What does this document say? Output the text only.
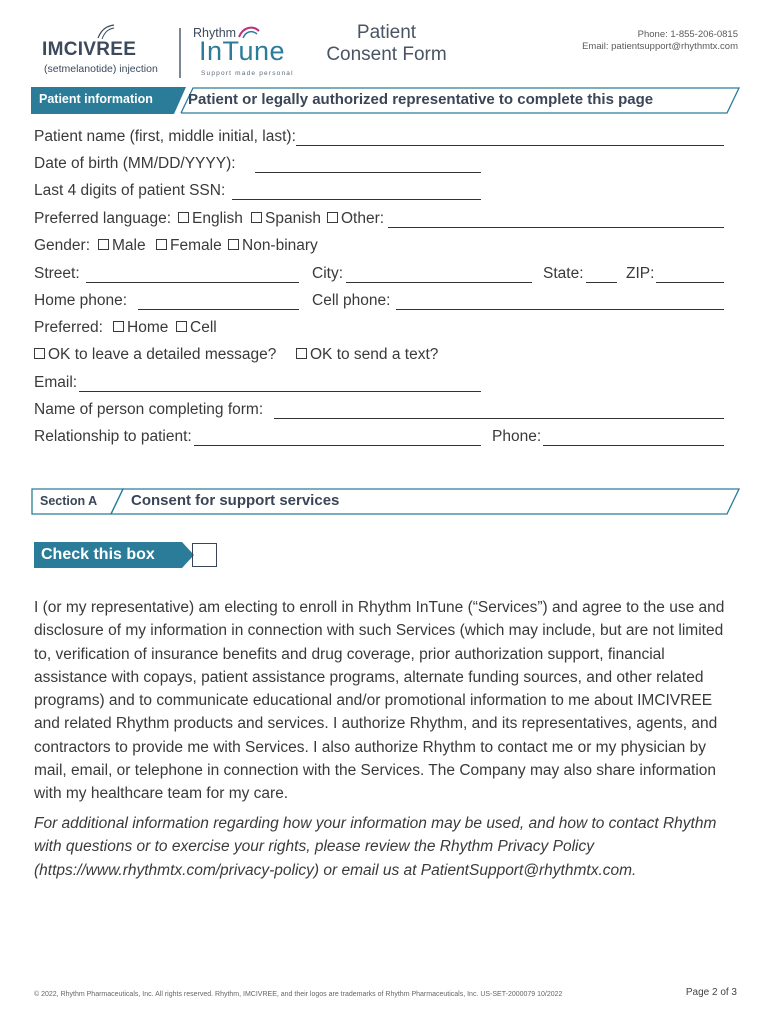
IMCIVREE
(setmelanotide) injection
Rhythm
InTune
Support made personal
Patient
Consent Form
Phone: 1-855-206-0815
Email: patientsupport@rhythmtx.com
Patient information Patient or legally authorized representative to complete this page
Patient name (first, middle initial, last):
Date of birth (MM/DD/YYYY):
Last 4 digits of patient SSN:
Preferred language:	English	Spanish	Other:
Gender:	Male	Female	Non-binary
Street:	City:	State:	ZIP:
Home phone:	Cell phone:
Preferred:	Home	Cell
OK to leave a detailed message?	OK to send a text?
Email:
Name of person completing form:
Relationship to patient:	Phone:
Section A Consent for support services
Check this box
I (or my representative) am electing to enroll in Rhythm InTune (“Services”) and agree to the use and disclosure of my information in connection with such Services (which may include, but are not limited to, verification of insurance benefits and drug coverage, prior authorization support, financial assistance with copays, patient assistance programs, alternate funding sources, and other related programs) and to communicate educational and/or promotional information to me about IMCIVREE and related Rhythm products and services. I authorize Rhythm, and its representatives, agents, and contractors to provide me with Services. I also authorize Rhythm to contact me or my physician by mail, email, or telephone in connection with the Services. The Company may also share information with my healthcare team for my care.
For additional information regarding how your information may be used, and how to contact Rhythm with questions or to exercise your rights, please review the Rhythm Privacy Policy (https://www.rhythmtx.com/privacy-policy) or email us at PatientSupport@rhythmtx.com.
© 2022, Rhythm Pharmaceuticals, Inc. All rights reserved. Rhythm, IMCIVREE, and their logos are trademarks of Rhythm Pharmaceuticals, Inc. US-SET-2000079 10/2022	Page 2 of 3
